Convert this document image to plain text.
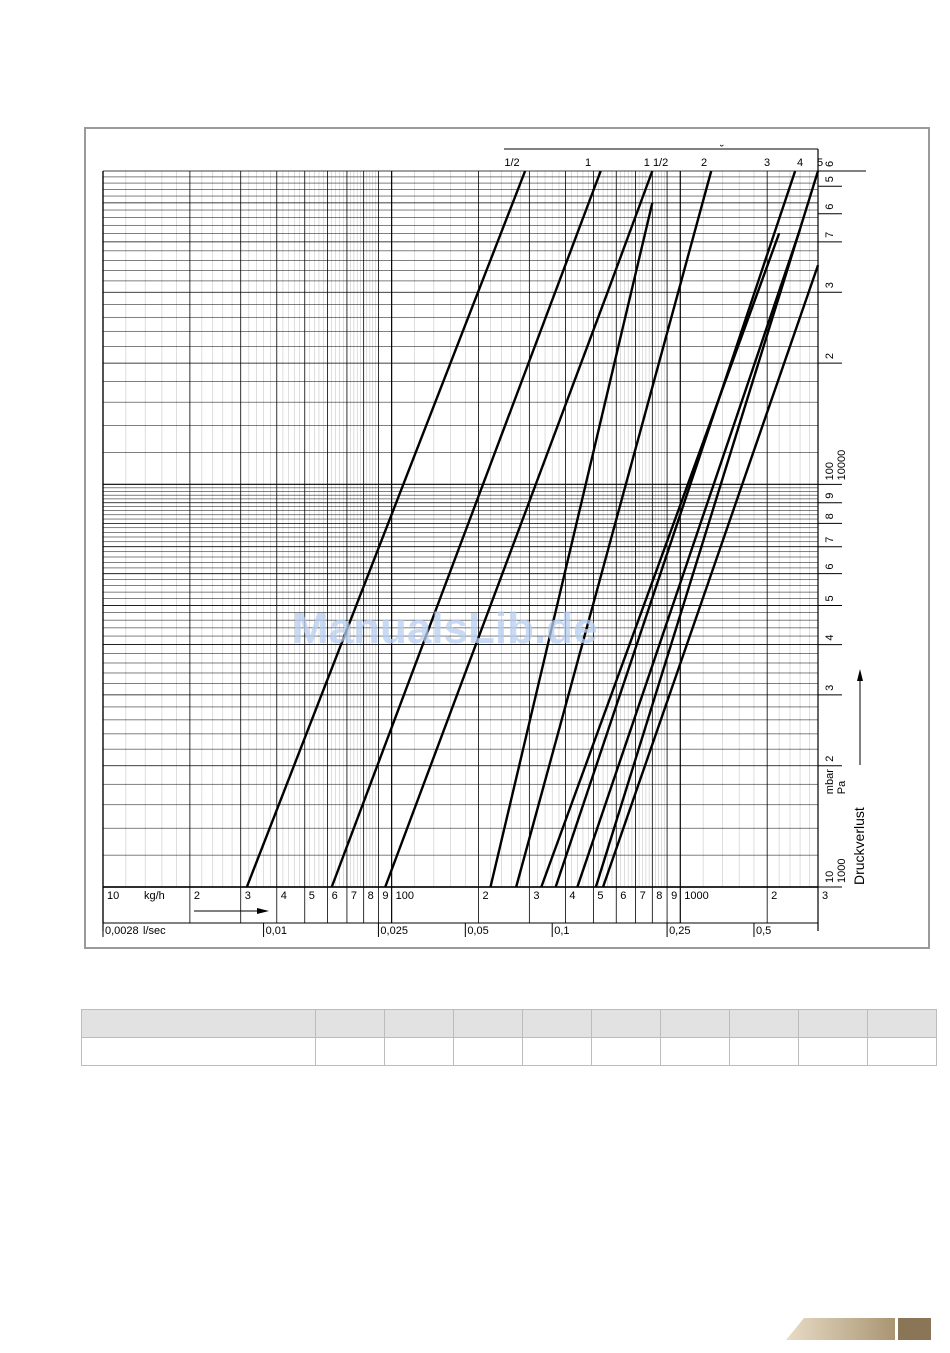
1/2	1	1 1/2	2	3 4 5
˘
10	2	3	4 5 6 7 8 9 100	2	3	4 5 6 7 8 9 1000	2	3
kg/h
0,0028	0,01	0,025	0,05	0,1	0,25	0,5
l/sec
10 1000
2
3
4
5
6
7
8
9
100 10000
2
3
7
6
5
6
mbar Pa
Druckverlust
ManualsLib.de
